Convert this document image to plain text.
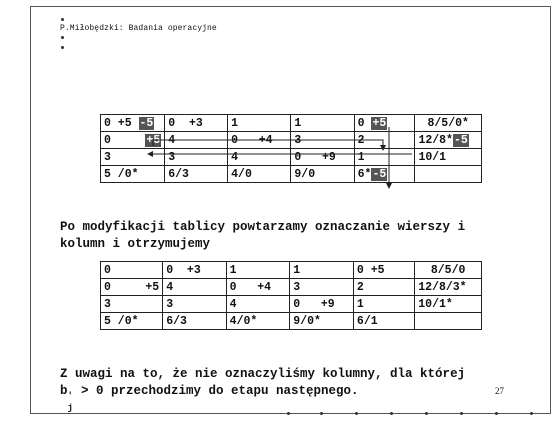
P.Miłobędzki: Badania operacyjne
0 +5 -5	0  +3	1	1	0 +5	8/5/0*
0     +5	4	0   +4	3	2	12/8*-5
3	3	4	0   +9	1	10/1
5 /0*	6/3	4/0	9/0	6*-5	
Po modyfikacji tablicy powtarzamy oznaczanie wierszy i
kolumn i otrzymujemy
0	0  +3	1	1	0 +5	8/5/0
0     +5	4	0   +4	3	2	12/8/3*
3	3	4	0   +9	1	10/1*
5 /0*	6/3	4/0*	9/0*	6/1	
Z uwagi na to, że nie oznaczyliśmy kolumny, dla której
b '
j
> 0 przechodzimy do etapu następnego.	27
